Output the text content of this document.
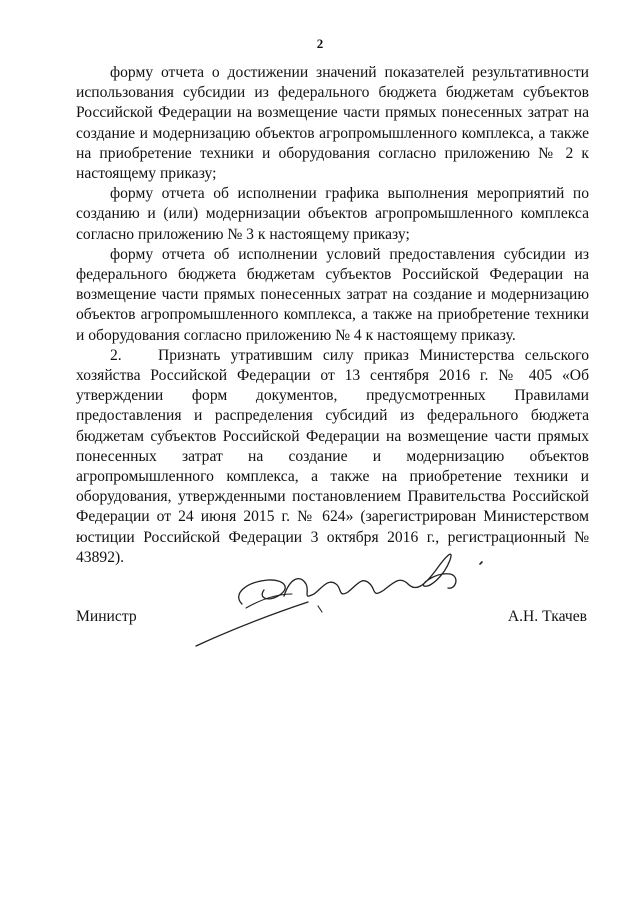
2

форму отчета о достижении значений показателей результативности использования субсидии из федерального бюджета бюджетам субъектов Российской Федерации на возмещение части прямых понесенных затрат на создание и модернизацию объектов агропромышленного комплекса, а также на приобретение техники и оборудования согласно приложению № 2 к настоящему приказу;

форму отчета об исполнении графика выполнения мероприятий по созданию и (или) модернизации объектов агропромышленного комплекса согласно приложению № 3 к настоящему приказу;

форму отчета об исполнении условий предоставления субсидии из федерального бюджета бюджетам субъектов Российской Федерации на возмещение части прямых понесенных затрат на создание и модернизацию объектов агропромышленного комплекса, а также на приобретение техники и оборудования согласно приложению № 4 к настоящему приказу.

2. Признать утратившим силу приказ Министерства сельского хозяйства Российской Федерации от 13 сентября 2016 г. № 405 «Об утверждении форм документов, предусмотренных Правилами предоставления и распределения субсидий из федерального бюджета бюджетам субъектов Российской Федерации на возмещение части прямых понесенных затрат на создание и модернизацию объектов агропромышленного комплекса, а также на приобретение техники и оборудования, утвержденными постановлением Правительства Российской Федерации от 24 июня 2015 г. № 624» (зарегистрирован Министерством юстиции Российской Федерации 3 октября 2016 г., регистрационный № 43892).

Министр	А.Н. Ткачев
